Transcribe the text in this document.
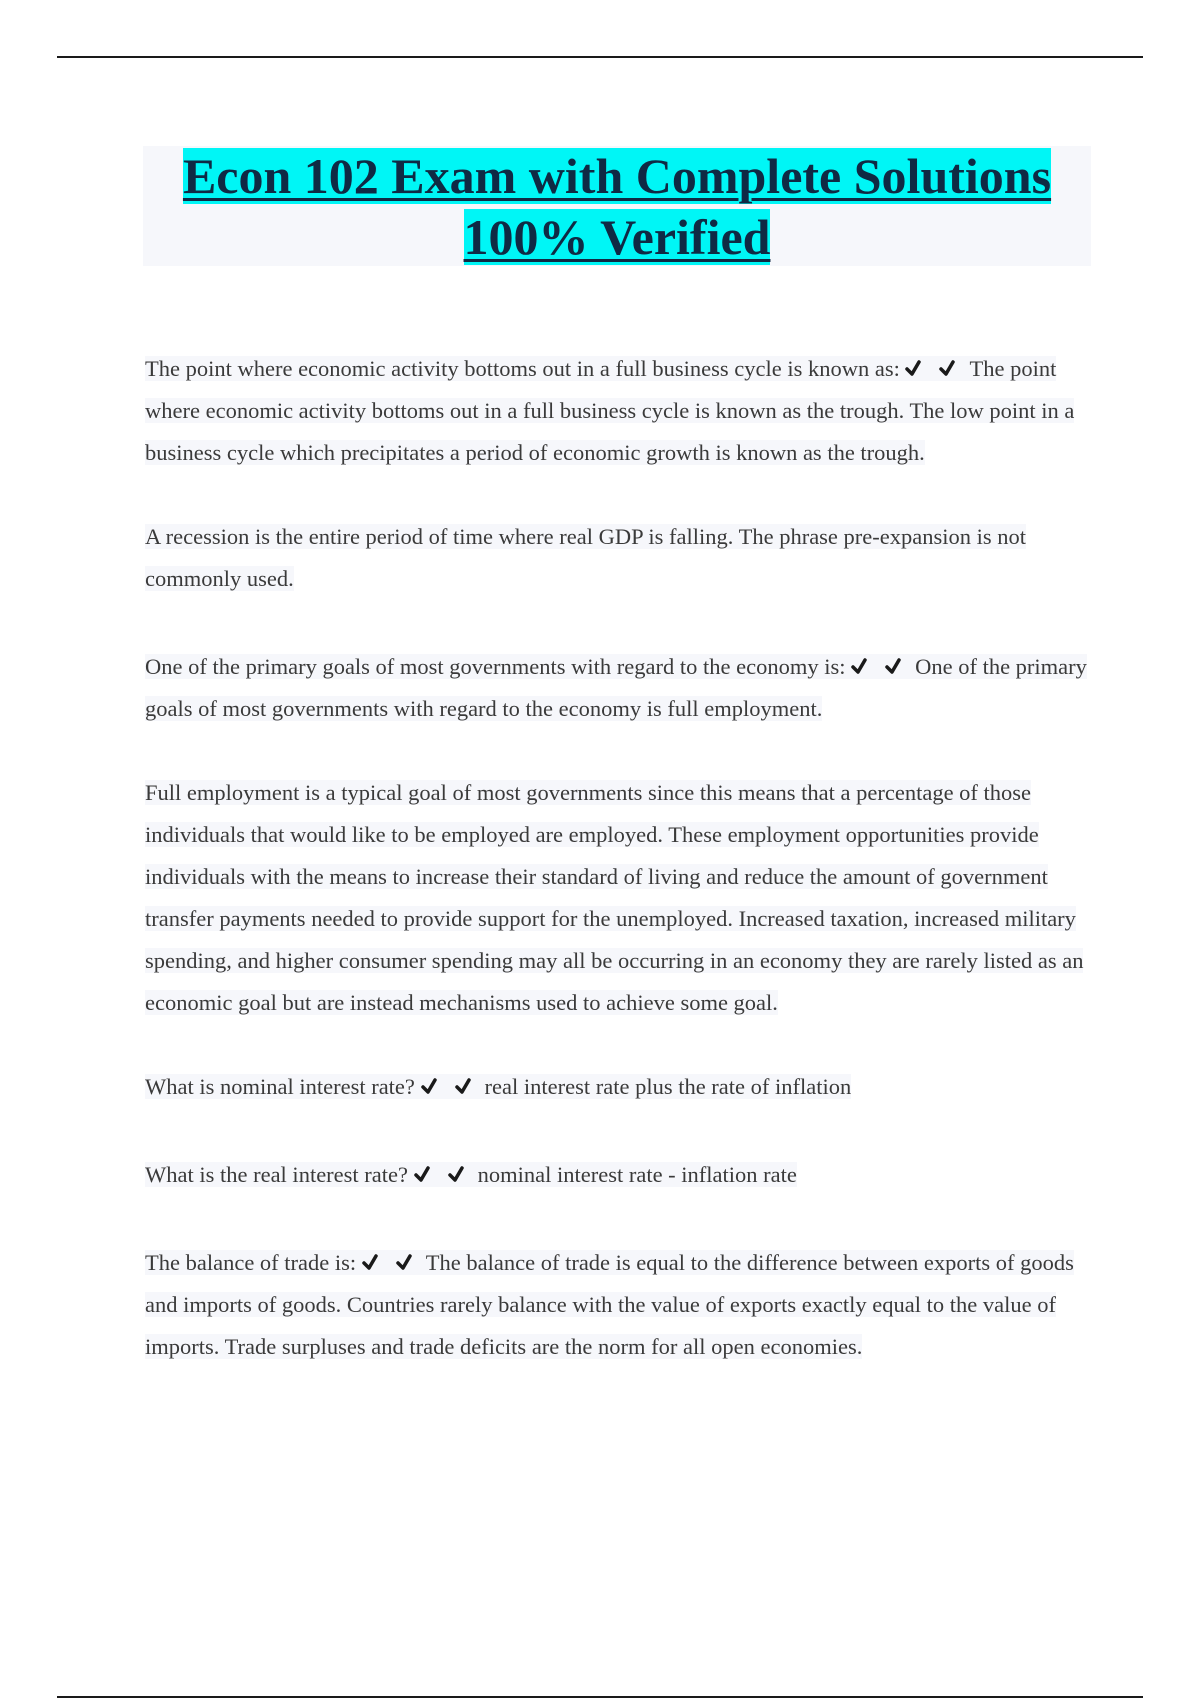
Econ 102 Exam with Complete Solutions
100% Verified

The point where economic activity bottoms out in a full business cycle is known as:	The point where economic activity bottoms out in a full business cycle is known as the trough. The low point in a business cycle which precipitates a period of economic growth is known as the trough.

A recession is the entire period of time where real GDP is falling. The phrase pre-expansion is not commonly used.

One of the primary goals of most governments with regard to the economy is:	One of the primary goals of most governments with regard to the economy is full employment.

Full employment is a typical goal of most governments since this means that a percentage of those individuals that would like to be employed are employed. These employment opportunities provide individuals with the means to increase their standard of living and reduce the amount of government transfer payments needed to provide support for the unemployed. Increased taxation, increased military spending, and higher consumer spending may all be occurring in an economy they are rarely listed as an economic goal but are instead mechanisms used to achieve some goal.

What is nominal interest rate?	real interest rate plus the rate of inflation

What is the real interest rate?	nominal interest rate - inflation rate

The balance of trade is:	The balance of trade is equal to the difference between exports of goods and imports of goods. Countries rarely balance with the value of exports exactly equal to the value of imports. Trade surpluses and trade deficits are the norm for all open economies.
